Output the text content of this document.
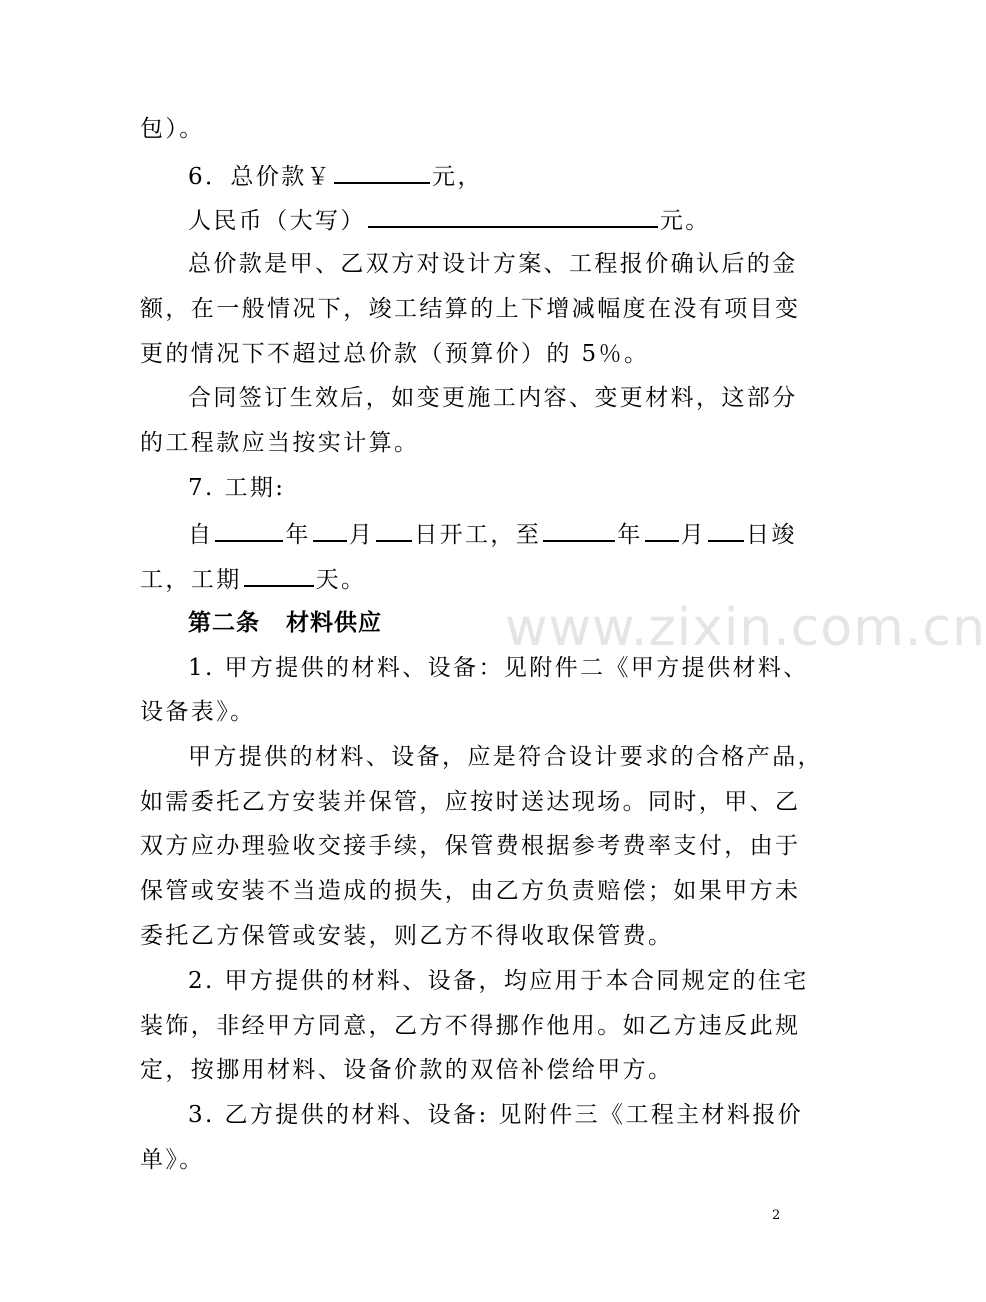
包）。
6．总价款￥	元，
人民币（大写）	元。
总价款是甲、乙双方对设计方案、工程报价确认后的金
额，在一般情况下，竣工结算的上下增减幅度在没有项目变
更的情况下不超过总价款（预算价）的 5％。
合同签订生效后，如变更施工内容、变更材料，这部分
的工程款应当按实计算。
7. 工期:
自	年 月 日开工，至	年 月 日竣
工，工期	天。
第二条 材料供应
1. 甲方提供的材料、设备：见附件二《甲方提供材料、
设备表》。
甲方提供的材料、设备，应是符合设计要求的合格产品，
如需委托乙方安装并保管，应按时送达现场。同时，甲、乙
双方应办理验收交接手续，保管费根据参考费率支付，由于
保管或安装不当造成的损失，由乙方负责赔偿；如果甲方未
委托乙方保管或安装，则乙方不得收取保管费。
2. 甲方提供的材料、设备，均应用于本合同规定的住宅
装饰，非经甲方同意，乙方不得挪作他用。如乙方违反此规
定，按挪用材料、设备价款的双倍补偿给甲方。
3. 乙方提供的材料、设备: 见附件三《工程主材料报价
单》。
www.zixin.com.cn
2
